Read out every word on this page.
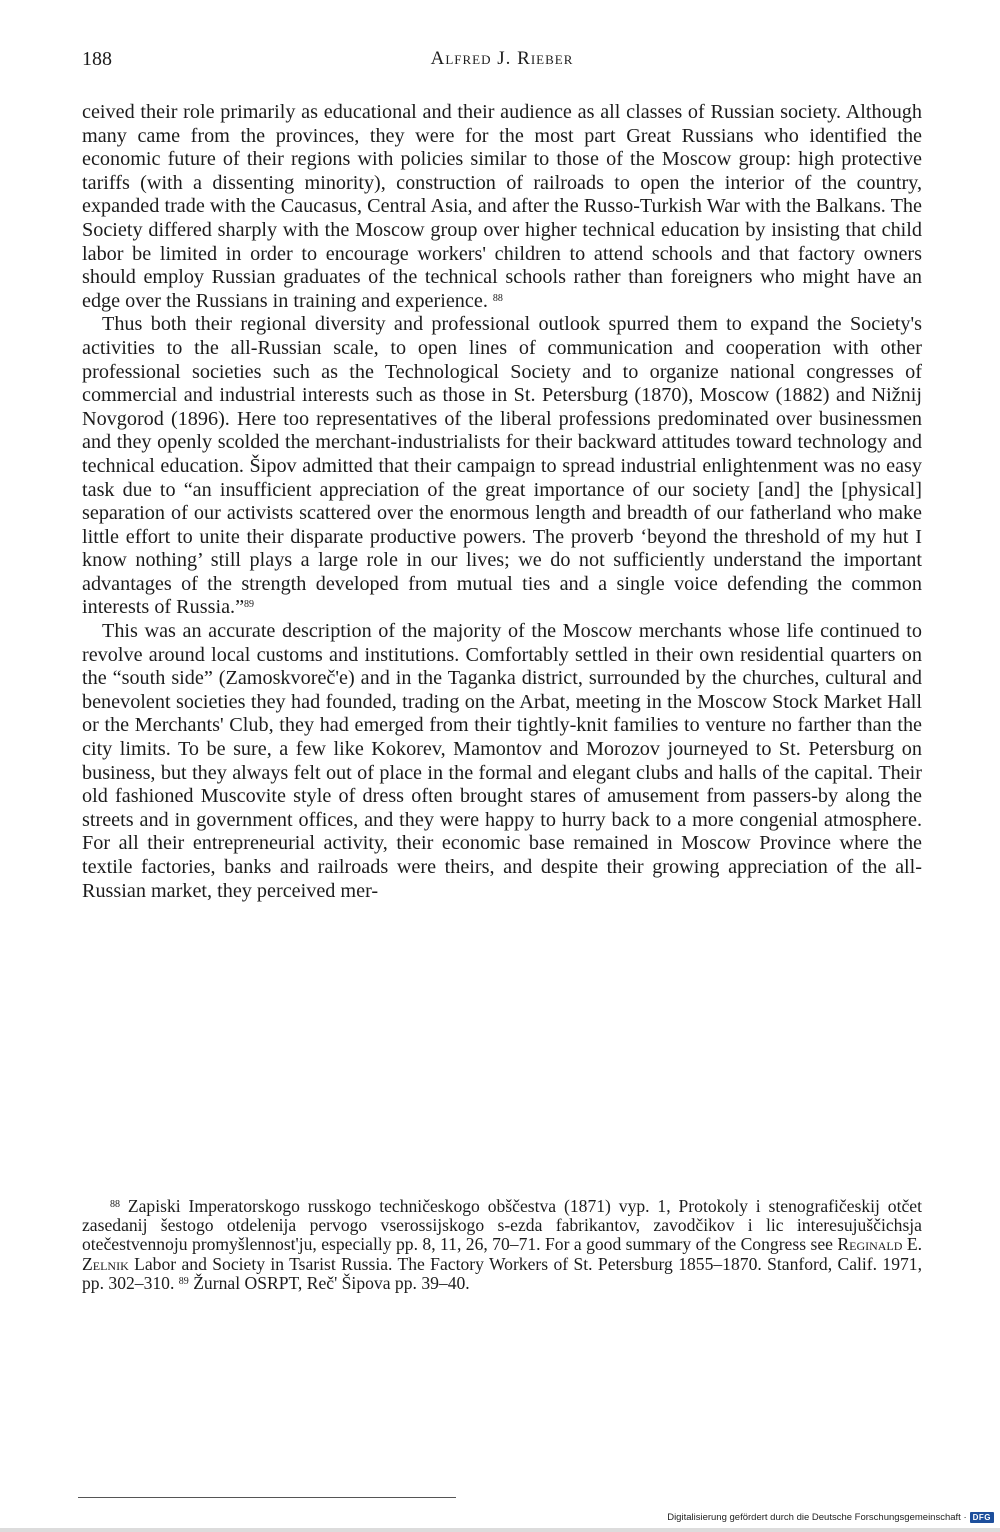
188	Alfred J. Rieber

ceived their role primarily as educational and their audience as all classes of Russian society. Although many came from the provinces, they were for the most part Great Russians who identified the economic future of their regions with policies similar to those of the Moscow group: high protective tariffs (with a dissenting minority), construction of railroads to open the interior of the country, expanded trade with the Caucasus, Central Asia, and after the Russo-Turkish War with the Balkans. The Society differed sharply with the Moscow group over higher technical education by insisting that child labor be limited in order to encourage workers' children to attend schools and that factory owners should employ Russian graduates of the technical schools rather than foreigners who might have an edge over the Russians in training and experience. $^{88}$

Thus both their regional diversity and professional outlook spurred them to expand the Society's activities to the all-Russian scale, to open lines of communication and cooperation with other professional societies such as the Technological Society and to organize national congresses of commercial and industrial interests such as those in St. Petersburg (1870), Moscow (1882) and Nižnij Novgorod (1896). Here too representatives of the liberal professions predominated over businessmen and they openly scolded the merchant-industrialists for their backward attitudes toward technology and technical education. Šipov admitted that their campaign to spread industrial enlightenment was no easy task due to “an insufficient appreciation of the great importance of our society [and] the [physical] separation of our activists scattered over the enormous length and breadth of our fatherland who make little effort to unite their disparate productive powers. The proverb ‘beyond the threshold of my hut I know nothing’ still plays a large role in our lives; we do not sufficiently understand the important advantages of the strength developed from mutual ties and a single voice defending the common interests of Russia.”$^{89}$

This was an accurate description of the majority of the Moscow merchants whose life continued to revolve around local customs and institutions. Comfortably settled in their own residential quarters on the “south side” (Zamoskvoreč'e) and in the Taganka district, surrounded by the churches, cultural and benevolent societies they had founded, trading on the Arbat, meeting in the Moscow Stock Market Hall or the Merchants' Club, they had emerged from their tightly-knit families to venture no farther than the city limits. To be sure, a few like Kokorev, Mamontov and Morozov journeyed to St. Petersburg on business, but they always felt out of place in the formal and elegant clubs and halls of the capital. Their old fashioned Muscovite style of dress often brought stares of amusement from passers-by along the streets and in government offices, and they were happy to hurry back to a more congenial atmosphere. For all their entrepreneurial activity, their economic base remained in Moscow Province where the textile factories, banks and railroads were theirs, and despite their growing appreciation of the all-Russian market, they perceived mer-

$^{88}$ Zapiski Imperatorskogo russkogo techničeskogo obščestva (1871) vyp. 1, Protokoly i stenografičeskij otčet zasedanij šestogo otdelenija pervogo vserossijskogo s-ezda fabrikantov, zavodčikov i lic interesujuščichsja otečestvennoju promyšlennost'ju, especially pp. 8, 11, 26, 70–71. For a good summary of the Congress see Reginald E. Zelnik Labor and Society in Tsarist Russia. The Factory Workers of St. Petersburg 1855–1870. Stanford, Calif. 1971, pp. 302–310. $^{89}$ Žurnal OSRPT, Reč' Šipova pp. 39–40.

Digitalisierung gefördert durch die Deutsche Forschungsgemeinschaft · DFG
